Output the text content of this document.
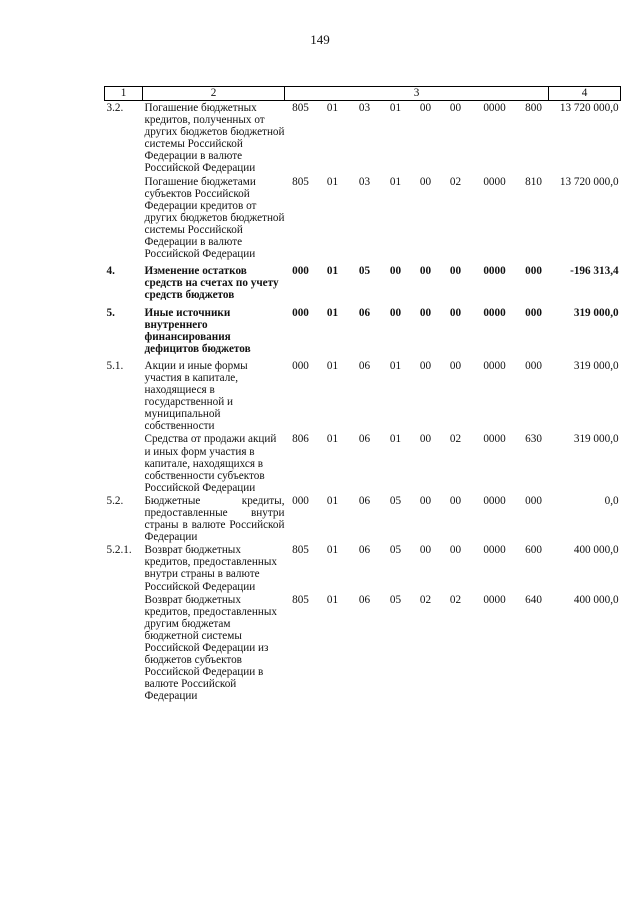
149
1	2	3								4
3.2.	Погашение бюджетных кредитов, полученных от других бюджетов бюджетной системы Российской Федерации в валюте Российской Федерации	805	01	03	01	00	00	0000	800	13 720 000,0
	Погашение бюджетами субъектов Российской Федерации кредитов от других бюджетов бюджетной системы Российской Федерации в валюте Российской Федерации	805	01	03	01	00	02	0000	810	13 720 000,0
4.	Изменение остатков средств на счетах по учету средств бюджетов	000	01	05	00	00	00	0000	000	-196 313,4
5.	Иные источники внутреннего финансирования дефицитов бюджетов	000	01	06	00	00	00	0000	000	319 000,0
5.1.	Акции и иные формы участия в капитале, находящиеся в государственной и муниципальной собственности	000	01	06	01	00	00	0000	000	319 000,0
	Средства от продажи акций и иных форм участия в капитале, находящихся в собственности субъектов Российской Федерации	806	01	06	01	00	02	0000	630	319 000,0
5.2.	Бюджетные кредиты, предоставленные внутри страны в валюте Российской Федерации	000	01	06	05	00	00	0000	000	0,0
5.2.1.	Возврат бюджетных кредитов, предоставленных внутри страны в валюте Российской Федерации	805	01	06	05	00	00	0000	600	400 000,0
	Возврат бюджетных кредитов, предоставленных другим бюджетам бюджетной системы Российской Федерации из бюджетов субъектов Российской Федерации в валюте Российской Федерации	805	01	06	05	02	02	0000	640	400 000,0
